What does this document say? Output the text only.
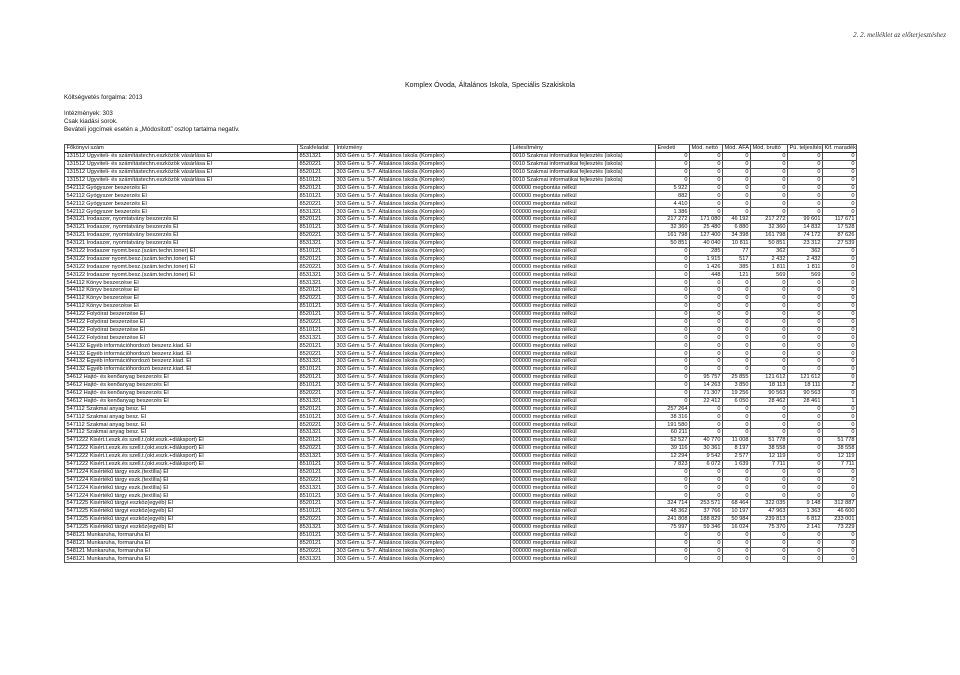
2. 2. melléklet az előterjesztéshez
Komplex Óvoda, Általános Iskola, Speciális Szakiskola
Költségvetés forgalma: 2013
Intézmények: 303
Csak kiadási sorok.
Beváteli jogcímek esetén a „Módosított” oszlop tartalma negatív.
Főkönyvi szám	Szakfeladat	Intézmény	Létesítmény	Eredeti	Mód. nettó	Mód. ÁFA	Mód. bruttó	Pü. teljesítés	Kif. maradék
131512 Ügyviteli- és számítástechn.eszközök vásárlása EI	8531321	303 Gém u. 5-7. Általános Iskola (Komplex)	0010 Szakmai informatikai fejlesztés (iskola)	0	0	0	0	0	0
131512 Ügyviteli- és számítástechn.eszközök vásárlása EI	8520221	303 Gém u. 5-7. Általános Iskola (Komplex)	0010 Szakmai informatikai fejlesztés (iskola)	0	0	0	0	0	0
131512 Ügyviteli- és számítástechn.eszközök vásárlása EI	8520121	303 Gém u. 5-7. Általános Iskola (Komplex)	0010 Szakmai informatikai fejlesztés (iskola)	0	0	0	0	0	0
131512 Ügyviteli- és számítástechn.eszközök vásárlása EI	8510121	303 Gém u. 5-7. Általános Iskola (Komplex)	0010 Szakmai informatikai fejlesztés (iskola)	0	0	0	0	0	0
542112 Gyógyszer beszerzés EI	8520121	303 Gém u. 5-7. Általános Iskola (Komplex)	000000 megbontás nélkül	5 922	0	0	0	0	0
542112 Gyógyszer beszerzés EI	8510121	303 Gém u. 5-7. Általános Iskola (Komplex)	000000 megbontás nélkül	882	0	0	0	0	0
542112 Gyógyszer beszerzés EI	8520221	303 Gém u. 5-7. Általános Iskola (Komplex)	000000 megbontás nélkül	4 410	0	0	0	0	0
542112 Gyógyszer beszerzés EI	8531321	303 Gém u. 5-7. Általános Iskola (Komplex)	000000 megbontás nélkül	1 386	0	0	0	0	0
543121 Irodaszer, nyomtatvány beszerzés EI	8520121	303 Gém u. 5-7. Általános Iskola (Komplex)	000000 megbontás nélkül	217 272	171 080	46 192	217 272	99 601	117 671
543121 Irodaszer, nyomtatvány beszerzés EI	8510121	303 Gém u. 5-7. Általános Iskola (Komplex)	000000 megbontás nélkül	32 360	25 480	6 880	32 360	14 832	17 528
543121 Irodaszer, nyomtatvány beszerzés EI	8520221	303 Gém u. 5-7. Általános Iskola (Komplex)	000000 megbontás nélkül	161 798	127 400	34 398	161 798	74 172	87 626
543121 Irodaszer, nyomtatvány beszerzés EI	8531321	303 Gém u. 5-7. Általános Iskola (Komplex)	000000 megbontás nélkül	50 851	40 040	10 811	50 851	23 312	27 539
543122 Irodaszer nyomt.besz.(szám.techn.toner) EI	8510121	303 Gém u. 5-7. Általános Iskola (Komplex)	000000 megbontás nélkül	0	285	77	362	362	0
543122 Irodaszer nyomt.besz.(szám.techn.toner) EI	8520121	303 Gém u. 5-7. Általános Iskola (Komplex)	000000 megbontás nélkül	0	1 915	517	2 432	2 432	0
543122 Irodaszer nyomt.besz.(szám.techn.toner) EI	8520221	303 Gém u. 5-7. Általános Iskola (Komplex)	000000 megbontás nélkül	0	1 426	385	1 811	1 811	0
543122 Irodaszer nyomt.besz.(szám.techn.toner) EI	8531321	303 Gém u. 5-7. Általános Iskola (Komplex)	000000 megbontás nélkül	0	448	121	569	569	0
544112 Könyv beszerzése EI	8531321	303 Gém u. 5-7. Általános Iskola (Komplex)	000000 megbontás nélkül	0	0	0	0	0	0
544112 Könyv beszerzése EI	8520121	303 Gém u. 5-7. Általános Iskola (Komplex)	000000 megbontás nélkül	0	0	0	0	0	0
544112 Könyv beszerzése EI	8520221	303 Gém u. 5-7. Általános Iskola (Komplex)	000000 megbontás nélkül	0	0	0	0	0	0
544112 Könyv beszerzése EI	8510121	303 Gém u. 5-7. Általános Iskola (Komplex)	000000 megbontás nélkül	0	0	0	0	0	0
544122 Folyóirat beszerzése EI	8520121	303 Gém u. 5-7. Általános Iskola (Komplex)	000000 megbontás nélkül	0	0	0	0	0	0
544122 Folyóirat beszerzése EI	8520221	303 Gém u. 5-7. Általános Iskola (Komplex)	000000 megbontás nélkül	0	0	0	0	0	0
544122 Folyóirat beszerzése EI	8510121	303 Gém u. 5-7. Általános Iskola (Komplex)	000000 megbontás nélkül	0	0	0	0	0	0
544122 Folyóirat beszerzése EI	8531321	303 Gém u. 5-7. Általános Iskola (Komplex)	000000 megbontás nélkül	0	0	0	0	0	0
544132 Egyéb információhordozó beszerz.kiad. EI	8520121	303 Gém u. 5-7. Általános Iskola (Komplex)	000000 megbontás nélkül	0	0	0	0	0	0
544132 Egyéb információhordozó beszerz.kiad. EI	8520221	303 Gém u. 5-7. Általános Iskola (Komplex)	000000 megbontás nélkül	0	0	0	0	0	0
544132 Egyéb információhordozó beszerz.kiad. EI	8531321	303 Gém u. 5-7. Általános Iskola (Komplex)	000000 megbontás nélkül	0	0	0	0	0	0
544132 Egyéb információhordozó beszerz.kiad. EI	8510121	303 Gém u. 5-7. Általános Iskola (Komplex)	000000 megbontás nélkül	0	0	0	0	0	0
54612 Hajtó- és kenőanyag beszerzés EI	8520121	303 Gém u. 5-7. Általános Iskola (Komplex)	000000 megbontás nélkül	0	95 757	25 855	121 612	121 612	0
54612 Hajtó- és kenőanyag beszerzés EI	8510121	303 Gém u. 5-7. Általános Iskola (Komplex)	000000 megbontás nélkül	0	14 263	3 850	18 113	18 111	2
54612 Hajtó- és kenőanyag beszerzés EI	8520221	303 Gém u. 5-7. Általános Iskola (Komplex)	000000 megbontás nélkül	0	71 307	19 256	90 563	90 563	0
54612 Hajtó- és kenőanyag beszerzés EI	8531321	303 Gém u. 5-7. Általános Iskola (Komplex)	000000 megbontás nélkül	0	22 412	6 050	28 462	28 461	1
547112 Szakmai anyag besz. EI	8520121	303 Gém u. 5-7. Általános Iskola (Komplex)	000000 megbontás nélkül	257 264	0	0	0	0	0
547112 Szakmai anyag besz. EI	8510121	303 Gém u. 5-7. Általános Iskola (Komplex)	000000 megbontás nélkül	38 316	0	0	0	0	0
547112 Szakmai anyag besz. EI	8520221	303 Gém u. 5-7. Általános Iskola (Komplex)	000000 megbontás nélkül	191 580	0	0	0	0	0
547112 Szakmai anyag besz. EI	8531321	303 Gém u. 5-7. Általános Iskola (Komplex)	000000 megbontás nélkül	60 211	0	0	0	0	0
5471222 Kisért.t.eszk.és szell.t.(okt.eszk.+diáksport) EI	8520121	303 Gém u. 5-7. Általános Iskola (Komplex)	000000 megbontás nélkül	52 527	40 770	11 008	51 778	0	51 778
5471222 Kisért.t.eszk.és szell.t.(okt.eszk.+diáksport) EI	8520221	303 Gém u. 5-7. Általános Iskola (Komplex)	000000 megbontás nélkül	39 116	30 361	8 197	38 558	0	38 558
5471222 Kisért.t.eszk.és szell.t.(okt.eszk.+diáksport) EI	8531321	303 Gém u. 5-7. Általános Iskola (Komplex)	000000 megbontás nélkül	12 294	9 542	2 577	12 119	0	12 119
5471222 Kisért.t.eszk.és szell.t.(okt.eszk.+diáksport) EI	8510121	303 Gém u. 5-7. Általános Iskola (Komplex)	000000 megbontás nélkül	7 823	6 072	1 639	7 711	0	7 711
5471224 Kisértékű tárgy eszk.(textília) EI	8520121	303 Gém u. 5-7. Általános Iskola (Komplex)	000000 megbontás nélkül	0	0	0	0	0	0
5471224 Kisértékű tárgy eszk.(textília) EI	8520221	303 Gém u. 5-7. Általános Iskola (Komplex)	000000 megbontás nélkül	0	0	0	0	0	0
5471224 Kisértékű tárgy eszk.(textília) EI	8531321	303 Gém u. 5-7. Általános Iskola (Komplex)	000000 megbontás nélkül	0	0	0	0	0	0
5471224 Kisértékű tárgy eszk.(textília) EI	8510121	303 Gém u. 5-7. Általános Iskola (Komplex)	000000 megbontás nélkül	0	0	0	0	0	0
5471225 Kisértékű tárgyi eszköz(egyéb) EI	8520121	303 Gém u. 5-7. Általános Iskola (Komplex)	000000 megbontás nélkül	324 714	253 571	68 464	322 035	9 148	312 887
5471225 Kisértékű tárgyi eszköz(egyéb) EI	8510121	303 Gém u. 5-7. Általános Iskola (Komplex)	000000 megbontás nélkül	48 362	37 766	10 197	47 963	1 363	46 600
5471225 Kisértékű tárgyi eszköz(egyéb) EI	8520221	303 Gém u. 5-7. Általános Iskola (Komplex)	000000 megbontás nélkül	241 808	188 829	50 984	239 813	6 812	233 001
5471225 Kisértékű tárgyi eszköz(egyéb) EI	8531321	303 Gém u. 5-7. Általános Iskola (Komplex)	000000 megbontás nélkül	75 997	59 346	16 024	75 370	2 141	73 229
548121 Munkaruha, formaruha EI	8510121	303 Gém u. 5-7. Általános Iskola (Komplex)	000000 megbontás nélkül	0	0	0	0	0	0
548121 Munkaruha, formaruha EI	8520121	303 Gém u. 5-7. Általános Iskola (Komplex)	000000 megbontás nélkül	0	0	0	0	0	0
548121 Munkaruha, formaruha EI	8520221	303 Gém u. 5-7. Általános Iskola (Komplex)	000000 megbontás nélkül	0	0	0	0	0	0
548121 Munkaruha, formaruha EI	8531321	303 Gém u. 5-7. Általános Iskola (Komplex)	000000 megbontás nélkül	0	0	0	0	0	0
